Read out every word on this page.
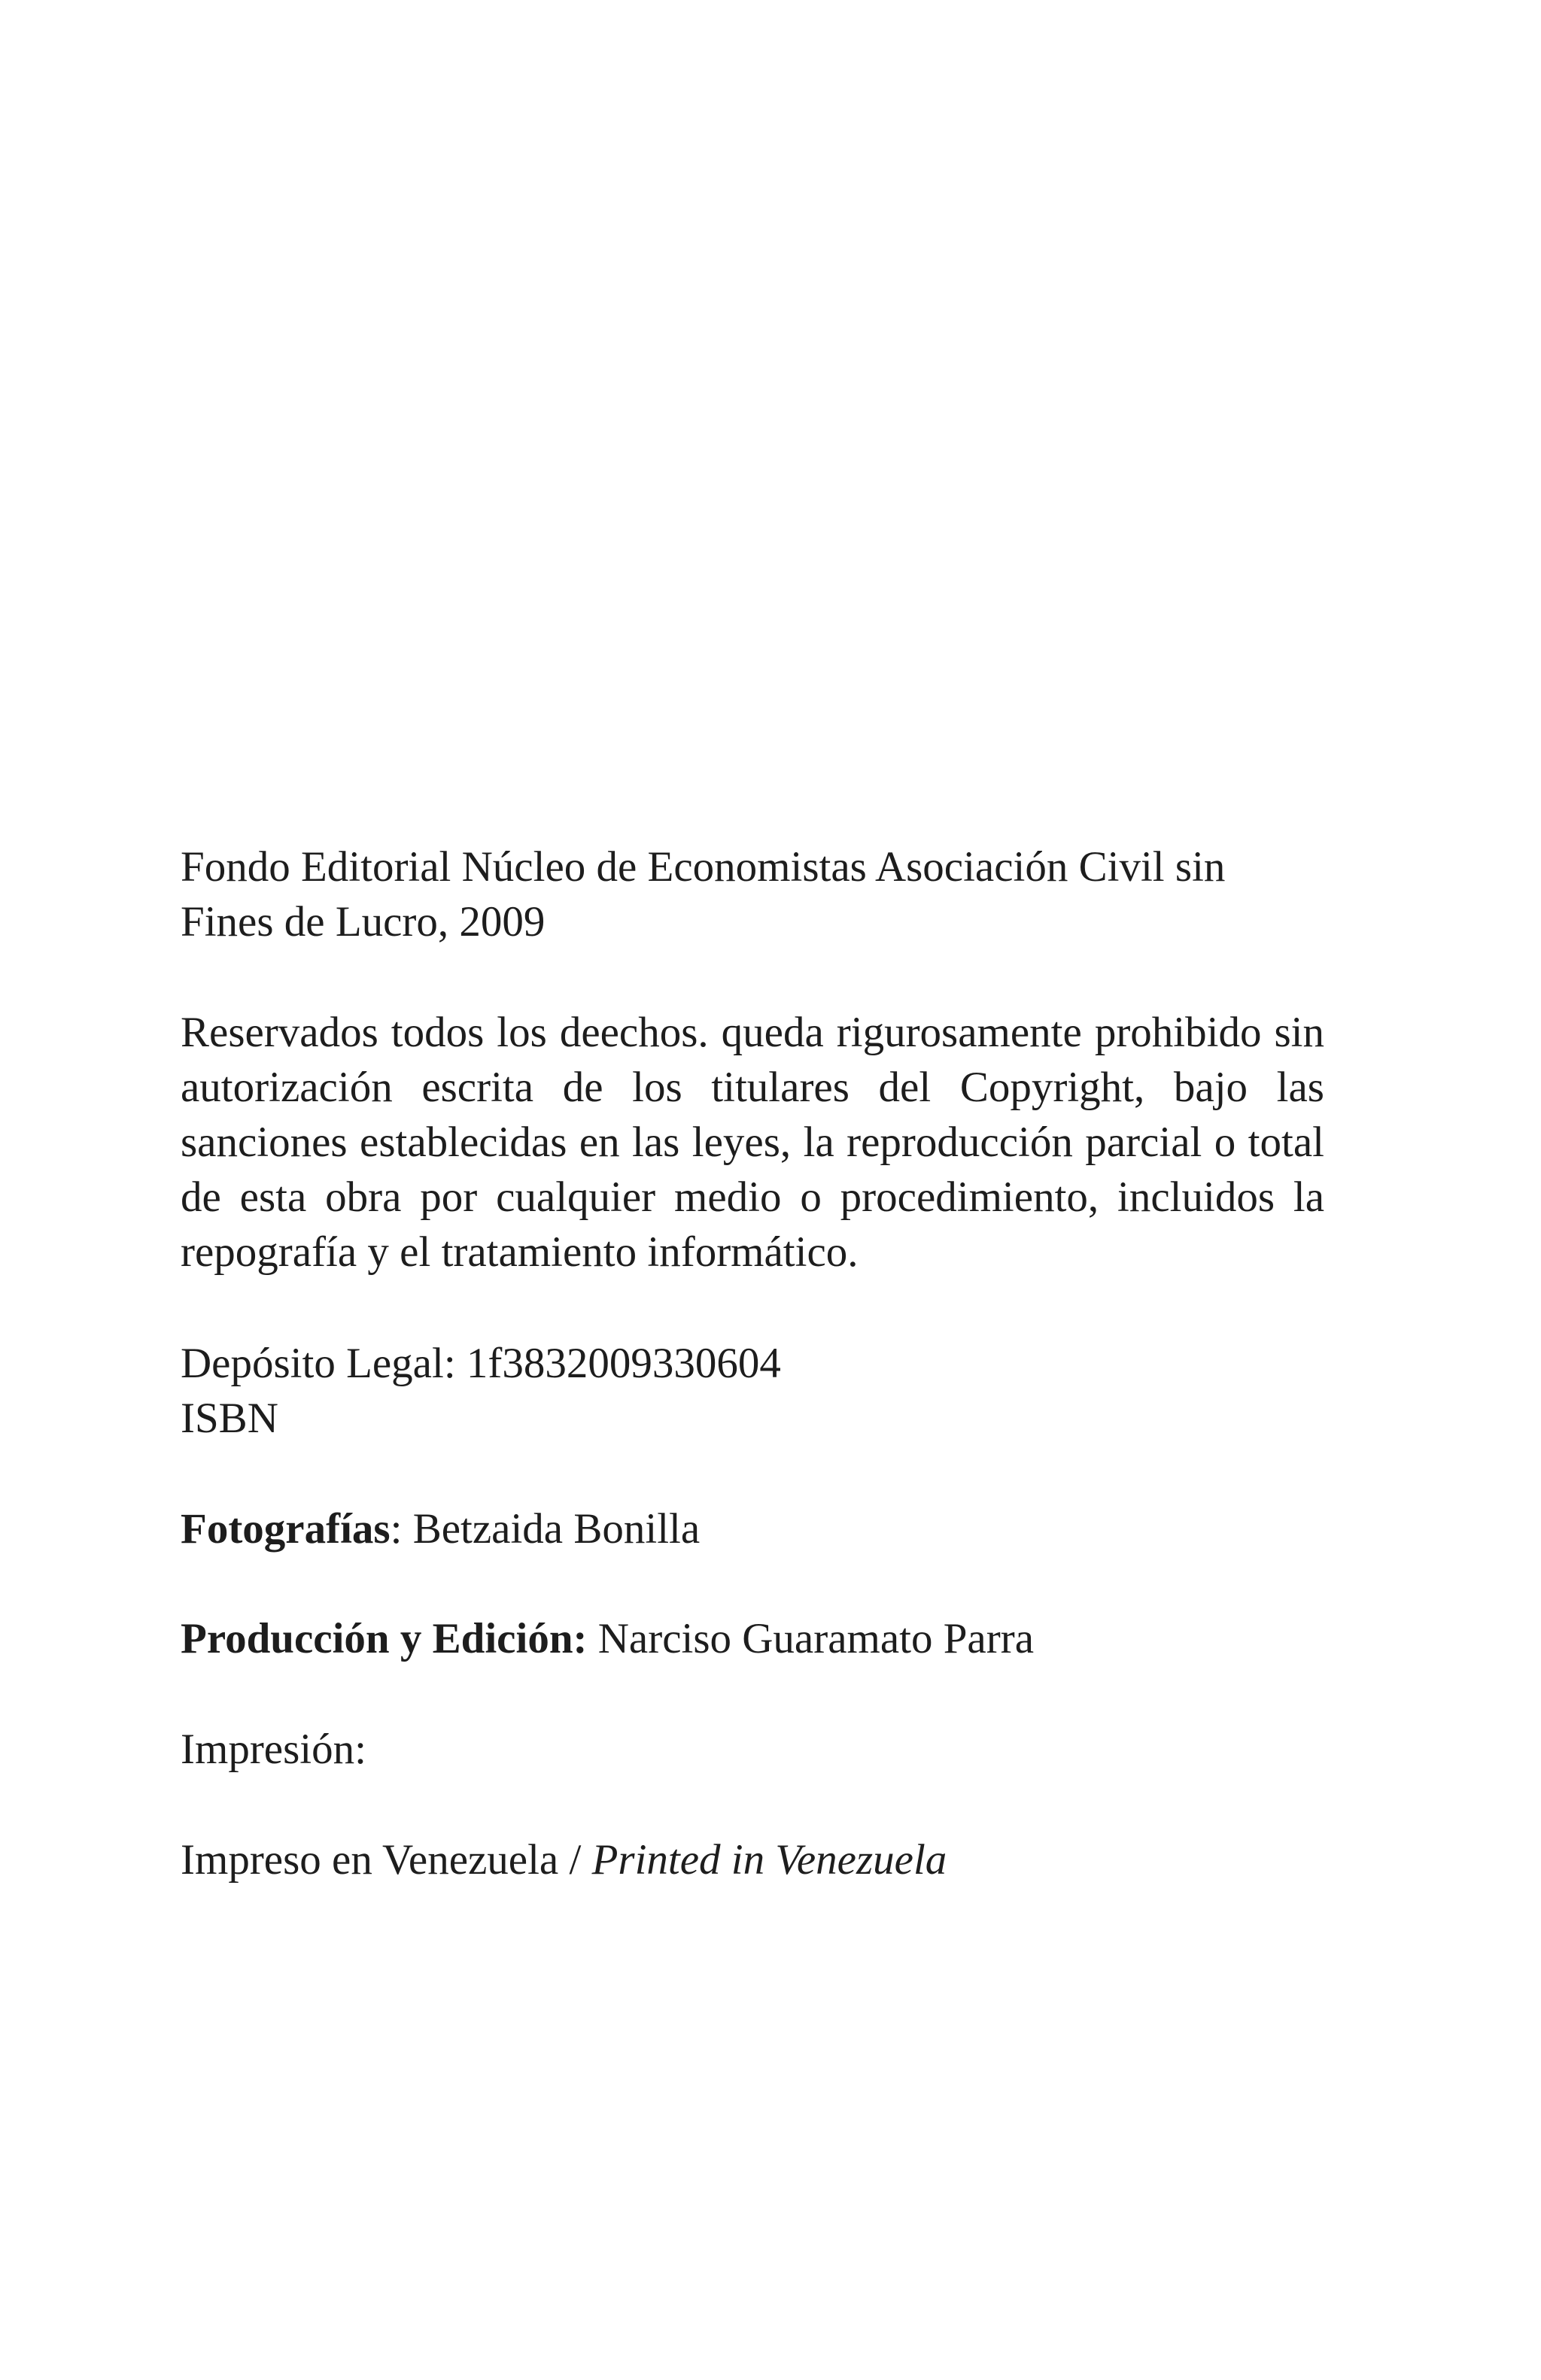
Fondo Editorial Núcleo de Economistas Asociación Civil sin Fines de Lucro, 2009

Reservados todos los deechos. queda rigurosamente prohibido sin autorización escrita de los titulares del Copyright, bajo las sanciones establecidas en las leyes, la reproducción parcial o total de esta obra por cualquier medio o procedimiento, incluidos la repografía y el tratamiento informático.

Depósito Legal: 1f3832009330604

ISBN

Fotografías: Betzaida Bonilla

Producción y Edición: Narciso Guaramato Parra

Impresión:

Impreso en Venezuela / Printed in Venezuela
